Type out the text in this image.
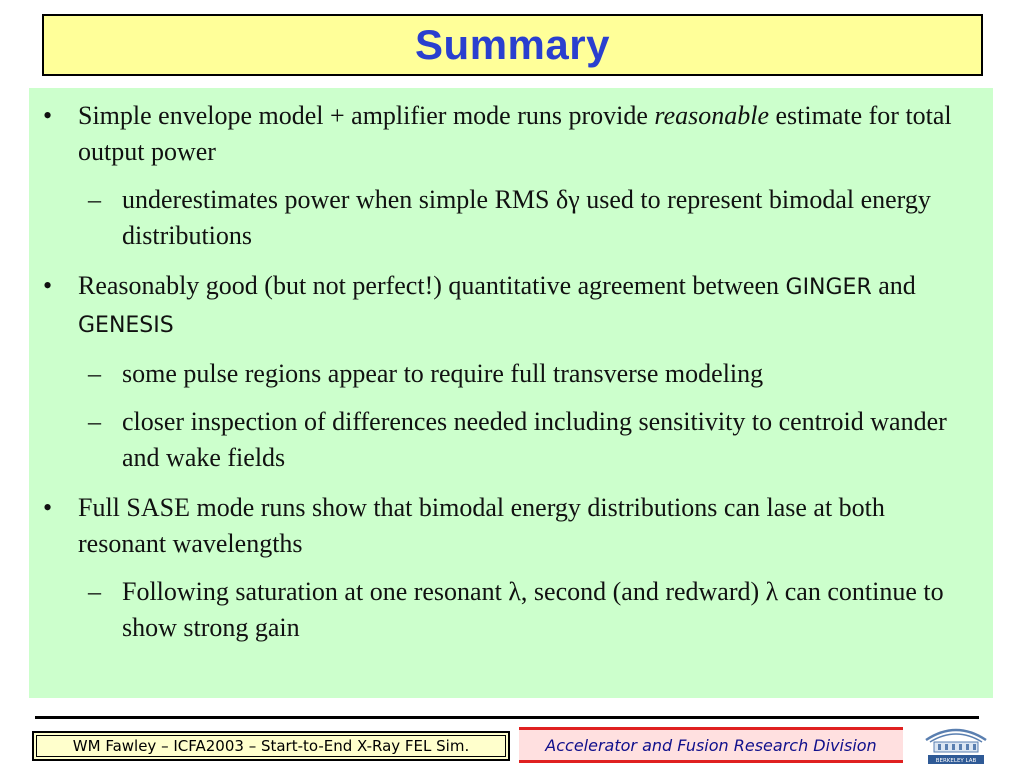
Summary
• Simple envelope model + amplifier mode runs provide reasonable estimate for total output power
– underestimates power when simple RMS δγ used to represent bimodal energy distributions
• Reasonably good (but not perfect!) quantitative agreement between GINGER and GENESIS
– some pulse regions appear to require full transverse modeling
– closer inspection of differences needed including sensitivity to centroid wander and wake fields
• Full SASE mode runs show that bimodal energy distributions can lase at both resonant wavelengths
– Following saturation at one resonant λ, second (and redward) λ can continue to show strong gain
WM Fawley – ICFA2003 – Start-to-End X-Ray FEL Sim.	Accelerator and Fusion Research Division
BERKELEY LAB
